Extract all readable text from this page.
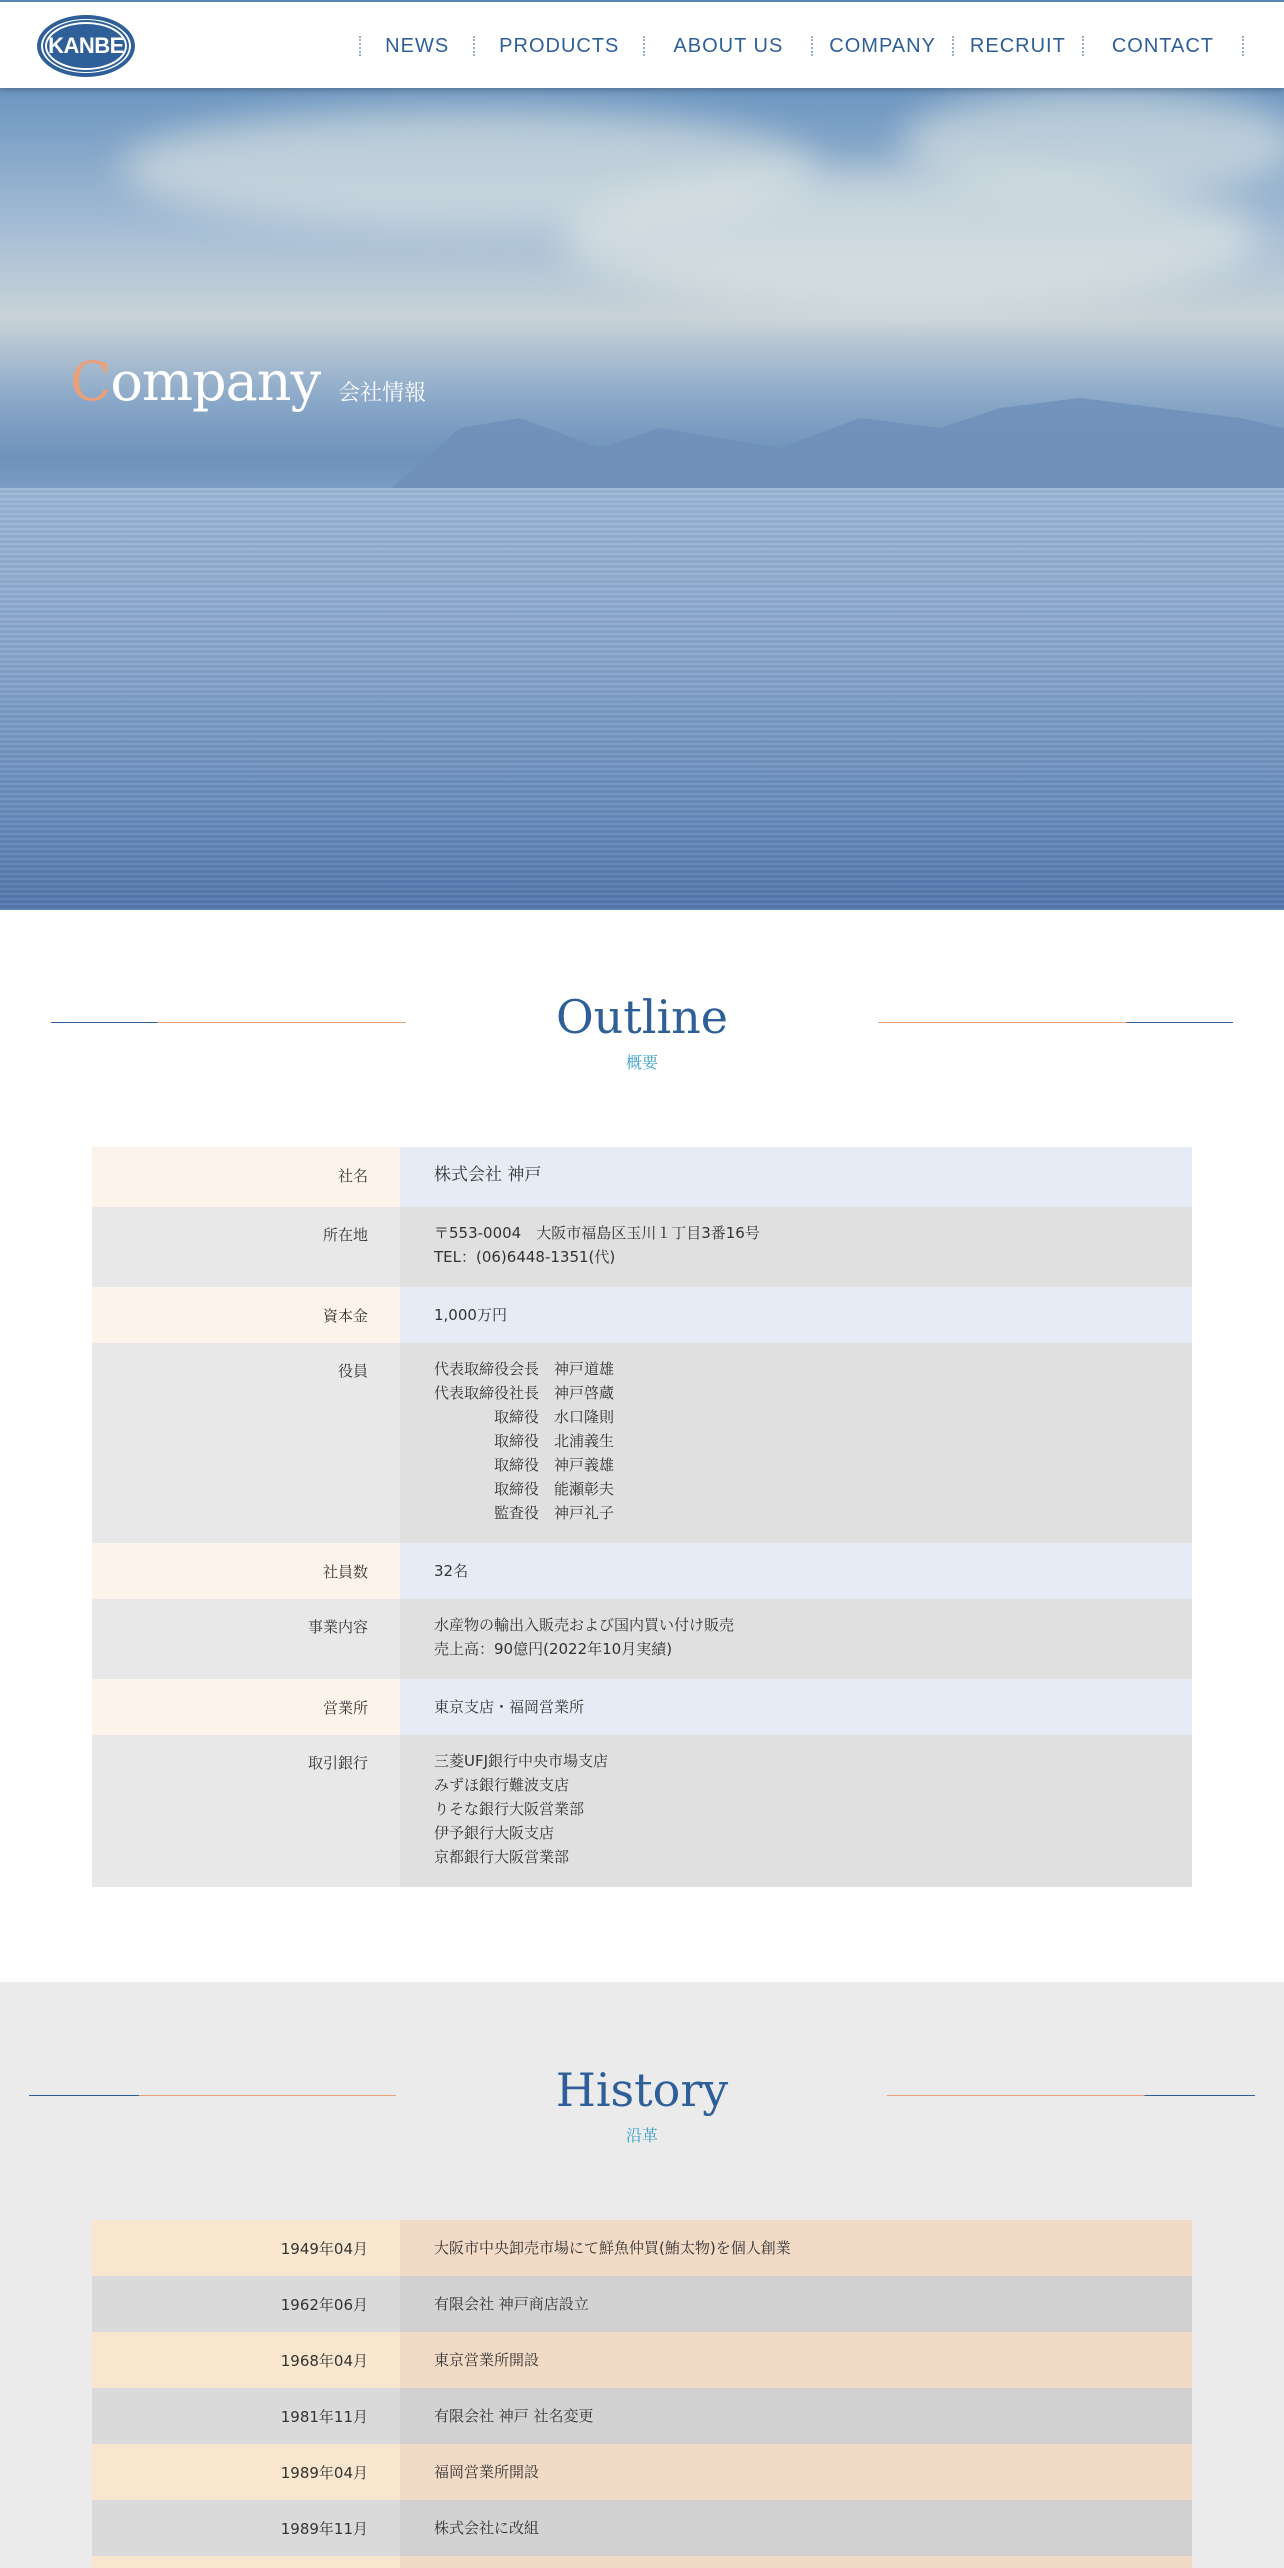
KANBE	NEWS	PRODUCTS	ABOUT US	COMPANY	RECRUIT	CONTACT
Company 会社情報
Outline
概要
社名	株式会社 神戸
所在地	〒553-0004　大阪市福島区玉川１丁目3番16号
TEL：(06)6448-1351(代)
資本金	1,000万円
役員	代表取締役会長　神戸道雄
代表取締役社長　神戸啓蔵
　　　　取締役　水口隆則
　　　　取締役　北浦義生
　　　　取締役　神戸義雄
　　　　取締役　能瀬彰夫
　　　　監査役　神戸礼子
社員数	32名
事業内容	水産物の輸出入販売および国内買い付け販売
売上高：90億円(2022年10月実績)
営業所	東京支店・福岡営業所
取引銀行	三菱UFJ銀行中央市場支店
みずほ銀行難波支店
りそな銀行大阪営業部
伊予銀行大阪支店
京都銀行大阪営業部
History
沿革
1949年04月	大阪市中央卸売市場にて鮮魚仲買(鮪太物)を個人創業
1962年06月	有限会社 神戸商店設立
1968年04月	東京営業所開設
1981年11月	有限会社 神戸 社名変更
1989年04月	福岡営業所開設
1989年11月	株式会社に改組
